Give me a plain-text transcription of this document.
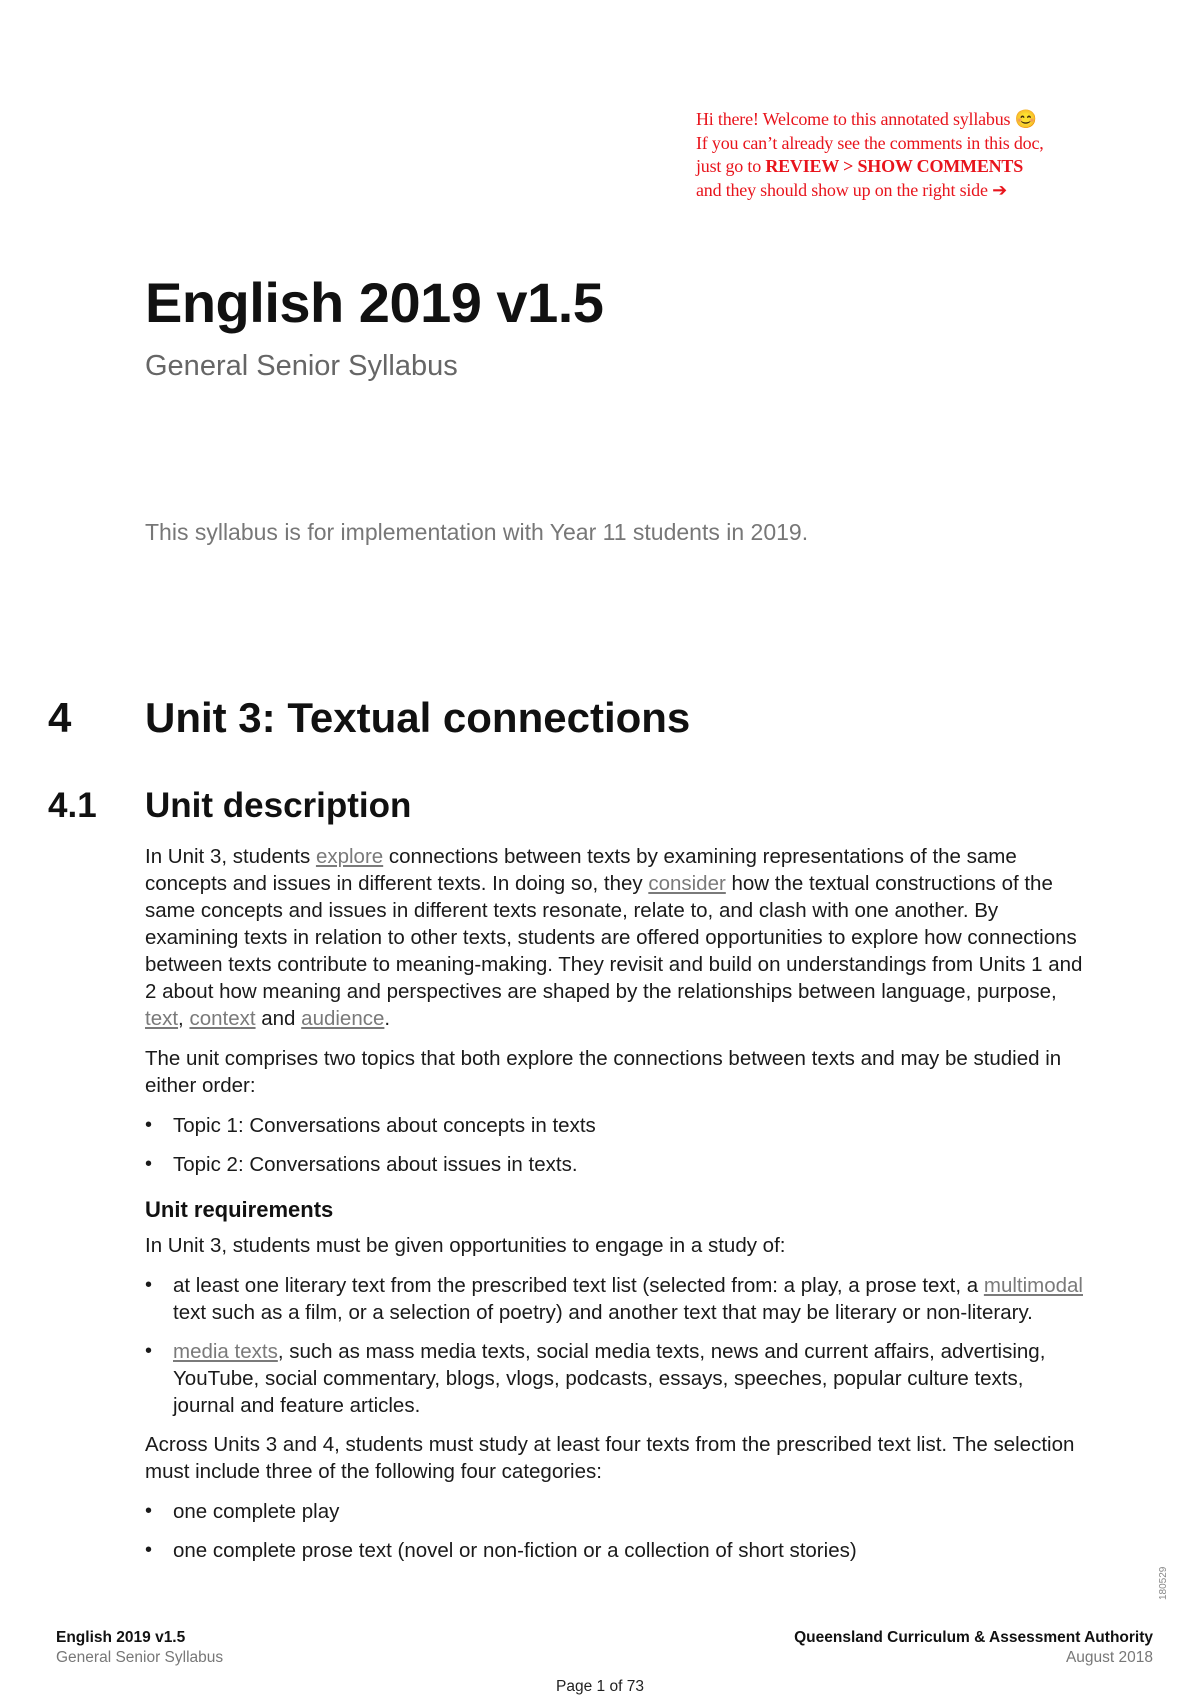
Hi there! Welcome to this annotated syllabus 😊
If you can’t already see the comments in this doc,
just go to REVIEW > SHOW COMMENTS
and they should show up on the right side ➔
English 2019 v1.5
General Senior Syllabus
This syllabus is for implementation with Year 11 students in 2019.
4 Unit 3: Textual connections
4.1 Unit description

In Unit 3, students explore connections between texts by examining representations of the same concepts and issues in different texts. In doing so, they consider how the textual constructions of the same concepts and issues in different texts resonate, relate to, and clash with one another. By examining texts in relation to other texts, students are offered opportunities to explore how connections between texts contribute to meaning-making. They revisit and build on understandings from Units 1 and 2 about how meaning and perspectives are shaped by the relationships between language, purpose, text, context and audience.

The unit comprises two topics that both explore the connections between texts and may be studied in either order:

• Topic 1: Conversations about concepts in texts
• Topic 2: Conversations about issues in texts.
Unit requirements

In Unit 3, students must be given opportunities to engage in a study of:

• at least one literary text from the prescribed text list (selected from: a play, a prose text, a multimodal text such as a film, or a selection of poetry) and another text that may be literary or non-literary.
• media texts, such as mass media texts, social media texts, news and current affairs, advertising, YouTube, social commentary, blogs, vlogs, podcasts, essays, speeches, popular culture texts, journal and feature articles.

Across Units 3 and 4, students must study at least four texts from the prescribed text list. The selection must include three of the following four categories:

• one complete play
• one complete prose text (novel or non-fiction or a collection of short stories)
180529
English 2019 v1.5
General Senior Syllabus
Queensland Curriculum & Assessment Authority
August 2018
Page 1 of 73
